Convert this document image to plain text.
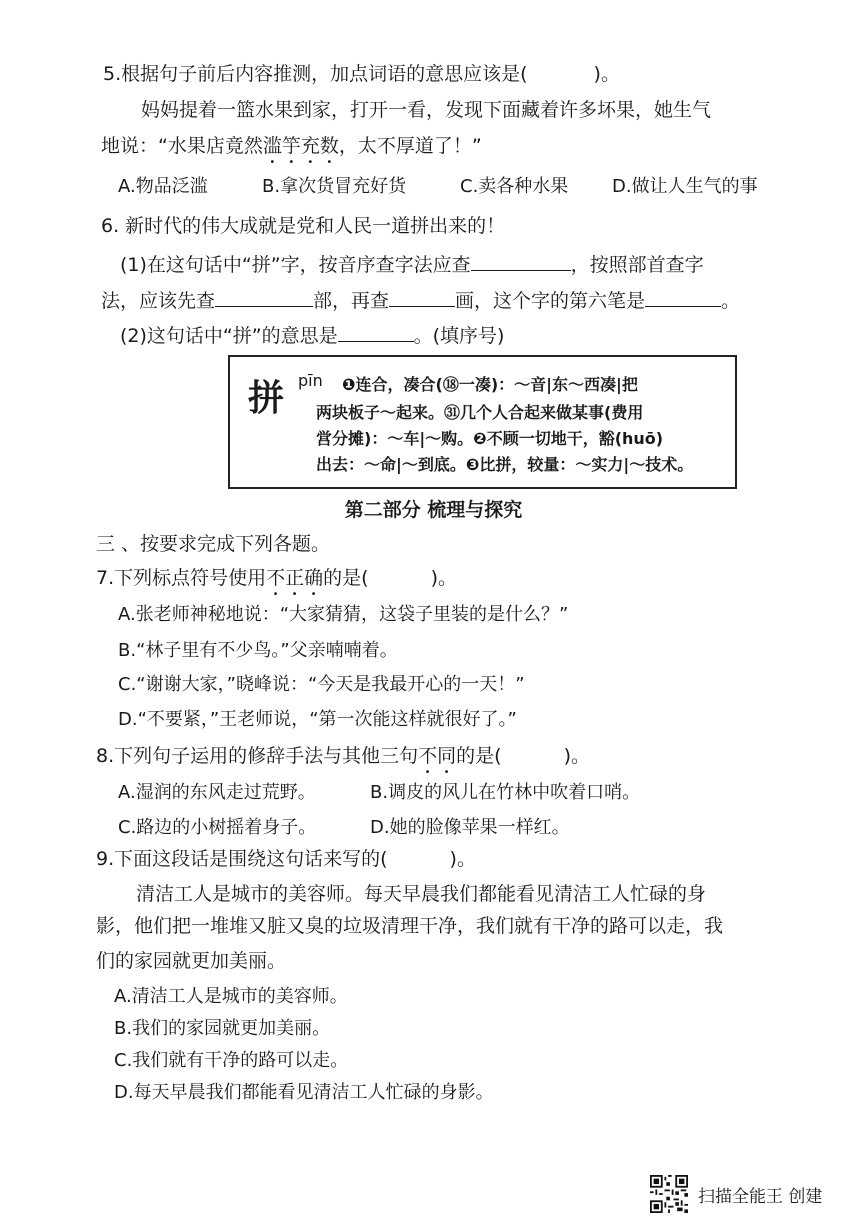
5.根据句子前后内容推测，加点词语的意思应该是(	)。
妈妈提着一篮水果到家，打开一看，发现下面藏着许多坏果，她生气
地说：“水果店竟然滥竽充数，太不厚道了！”
A.物品泛滥	B.拿次货冒充好货	C.卖各种水果 D.做让人生气的事
6. 新时代的伟大成就是党和人民一道拼出来的！
(1)在这句话中“拼”字，按音序查字法应查	，按照部首查字
法，应该先查	部，再查	画，这个字的第六笔是	。
(2)这句话中“拼”的意思是	。(填序号)
拼 pīn ❶连合，凑合(⑱一凑)：～音|东～西凑|把
两块板子～起来。㉛几个人合起来做某事(费用
営分摊)：～车|～购。❷不顾一切地干，豁(huō)
出去：～命|～到底。❸比拼，较量：～实力|～技术。
第二部分 梳理与探究
三 、按要求完成下列各题。
7.下列标点符号使用不正确的是(	)。
A.张老师神秘地说：“大家猜猜，这袋子里装的是什么？”
B.“林子里有不少鸟。”父亲喃喃着。
C.“谢谢大家，”晓峰说：“今天是我最开心的一天！”
D.“不要紧，”王老师说，“第一次能这样就很好了。”
8.下列句子运用的修辞手法与其他三句不同的是(	)。
A.湿润的东风走过荒野。	B.调皮的风儿在竹林中吹着口哨。
C.路边的小树摇着身子。	D.她的脸像苹果一样红。
9.下面这段话是围绕这句话来写的(	)。
清洁工人是城市的美容师。每天早晨我们都能看见清洁工人忙碌的身
影，他们把一堆堆又脏又臭的垃圾清理干净，我们就有干净的路可以走，我
们的家园就更加美丽。
A.清洁工人是城市的美容师。
B.我们的家园就更加美丽。
C.我们就有干净的路可以走。
D.每天早晨我们都能看见清洁工人忙碌的身影。
扫描全能王 创建
